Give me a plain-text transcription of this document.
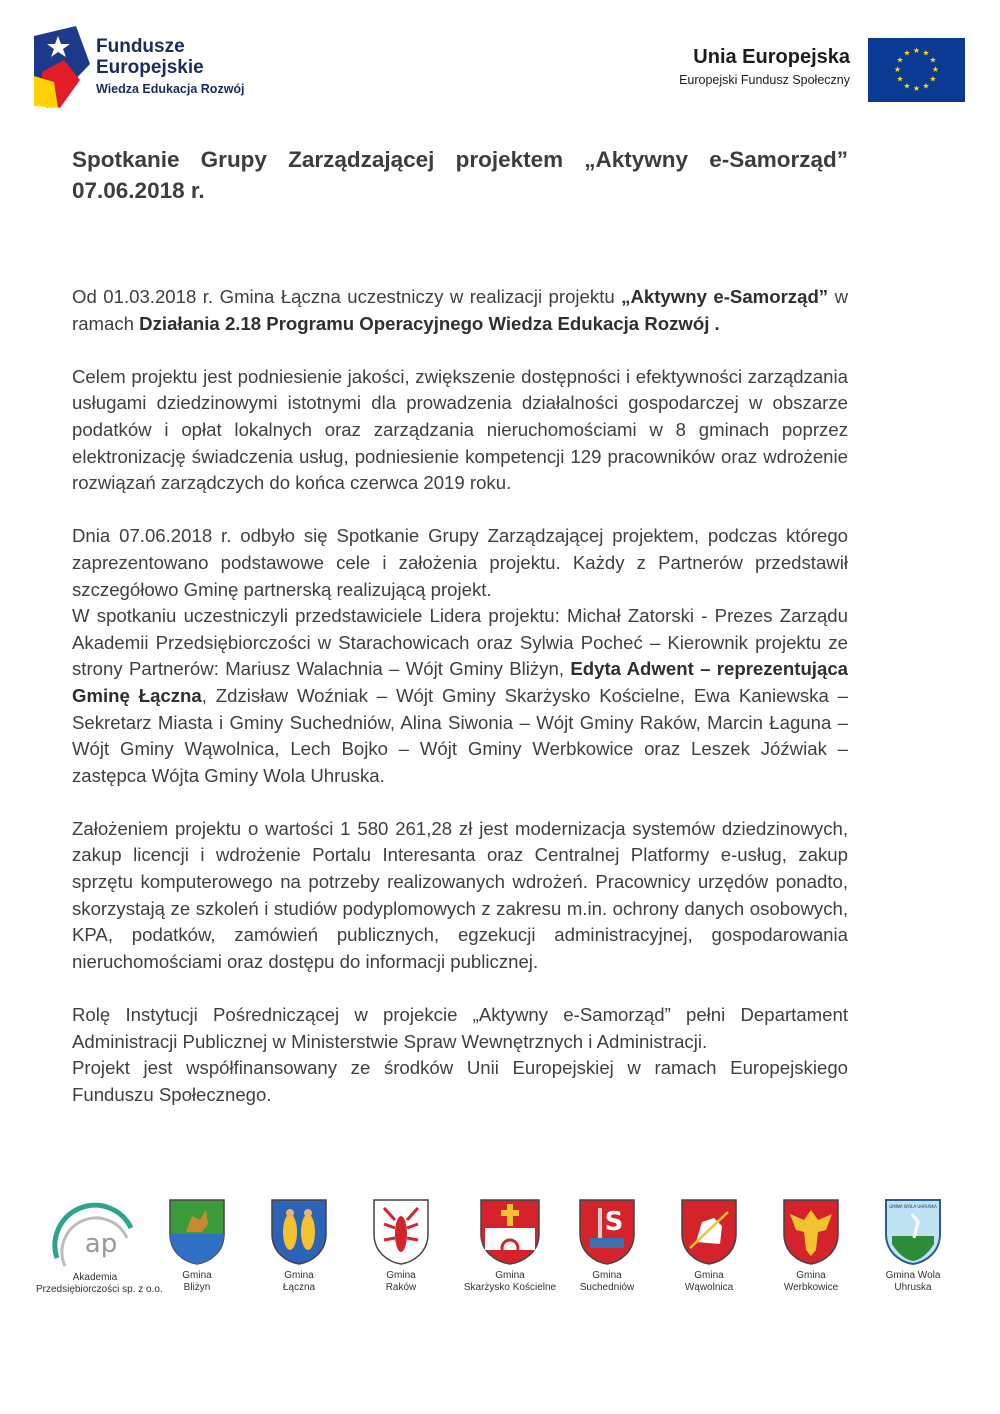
Fundusze
Europejskie
Wiedza Edukacja Rozwój
Unia Europejska
Europejski Fundusz Społeczny
★ ★
★
★
★
★
★
★
★
★
★
★
Spotkanie Grupy Zarządzającej projektem „Aktywny e-Samorząd” 07.06.2018 r.

Od 01.03.2018 r. Gmina Łączna uczestniczy w realizacji projektu „Aktywny e-Samorząd” w ramach Działania 2.18 Programu Operacyjnego Wiedza Edukacja Rozwój .

Celem projektu jest podniesienie jakości, zwiększenie dostępności i efektywności zarządzania usługami dziedzinowymi istotnymi dla prowadzenia działalności gospodarczej w obszarze podatków i opłat lokalnych oraz zarządzania nieruchomościami w 8 gminach poprzez elektronizację świadczenia usług, podniesienie kompetencji 129 pracowników oraz wdrożenie rozwiązań zarządczych do końca czerwca 2019 roku.

Dnia 07.06.2018 r. odbyło się Spotkanie Grupy Zarządzającej projektem, podczas którego zaprezentowano podstawowe cele i założenia projektu. Każdy z Partnerów przedstawił szczegółowo Gminę partnerską realizującą projekt.

W spotkaniu uczestniczyli przedstawiciele Lidera projektu: Michał Zatorski - Prezes Zarządu Akademii Przedsiębiorczości w Starachowicach oraz Sylwia Pocheć – Kierownik projektu ze strony Partnerów: Mariusz Walachnia – Wójt Gminy Bliżyn, Edyta Adwent – reprezentująca Gminę Łączna, Zdzisław Woźniak – Wójt Gminy Skarżysko Kościelne, Ewa Kaniewska – Sekretarz Miasta i Gminy Suchedniów, Alina Siwonia – Wójt Gminy Raków, Marcin Łaguna – Wójt Gminy Wąwolnica, Lech Bojko – Wójt Gminy Werbkowice oraz Leszek Jóźwiak – zastępca Wójta Gminy Wola Uhruska.

Założeniem projektu o wartości 1 580 261,28 zł jest modernizacja systemów dziedzinowych, zakup licencji i wdrożenie Portalu Interesanta oraz Centralnej Platformy e-usług, zakup sprzętu komputerowego na potrzeby realizowanych wdrożeń. Pracownicy urzędów ponadto, skorzystają ze szkoleń i studiów podyplomowych z zakresu m.in. ochrony danych osobowych, KPA, podatków, zamówień publicznych, egzekucji administracyjnej, gospodarowania nieruchomościami oraz dostępu do informacji publicznej.

Rolę Instytucji Pośredniczącej w projekcie „Aktywny e-Samorząd” pełni Departament Administracji Publicznej w Ministerstwie Spraw Wewnętrznych i Administracji.

Projekt jest współfinansowany ze środków Unii Europejskiej w ramach Europejskiego Funduszu Społecznego.

ap
Akademia
Przedsiębiorczości sp. z o.o.
Gmina
Bliżyn
Gmina
Łączna
Gmina
Raków
Gmina
Skarżysko Kościelne
S
Gmina
Suchedniów
Gmina
Wąwolnica
Gmina
Werbkowice
GMINA WOLA UHRUSKA
Gmina Wola
Uhruska
